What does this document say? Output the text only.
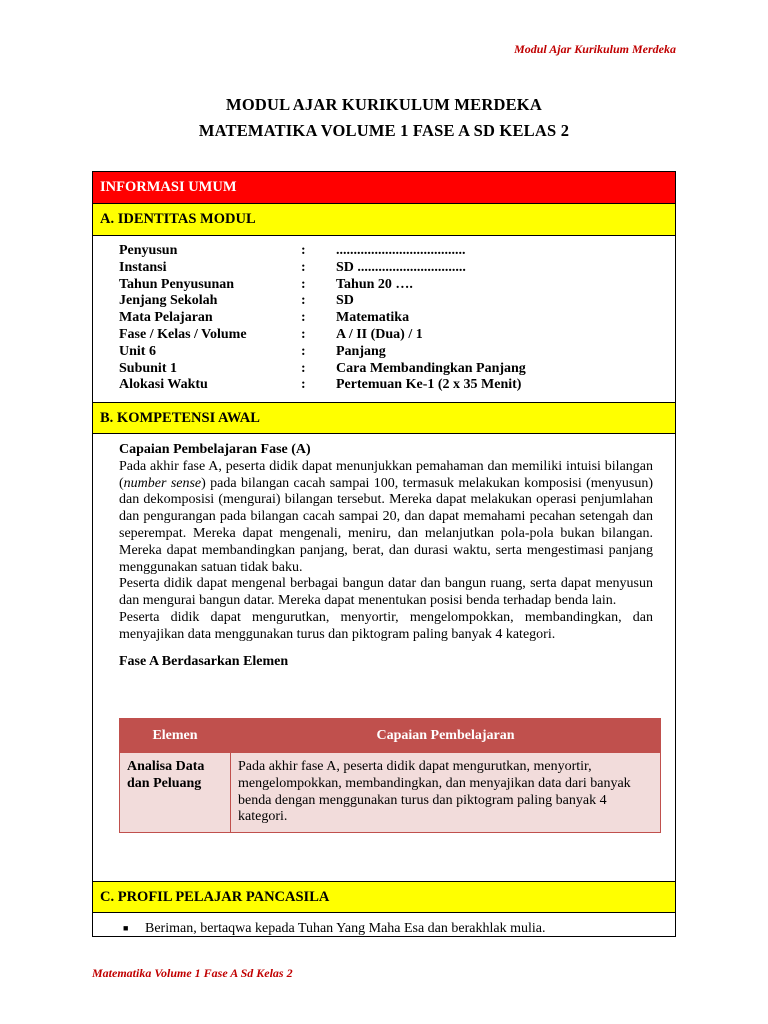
Modul Ajar Kurikulum Merdeka
MODUL AJAR KURIKULUM MERDEKA
MATEMATIKA VOLUME 1 FASE A SD KELAS 2
INFORMASI UMUM
A. IDENTITAS MODUL
Penyusun	:	.....................................
Instansi	:	SD ...............................
Tahun Penyusunan	:	Tahun 20 ….
Jenjang Sekolah	:	SD
Mata Pelajaran	:	Matematika
Fase / Kelas / Volume	:	A / II (Dua) / 1
Unit 6	:	Panjang
Subunit 1	:	Cara Membandingkan Panjang
Alokasi Waktu	:	Pertemuan Ke-1 (2 x 35 Menit)
B. KOMPETENSI AWAL
Capaian Pembelajaran Fase (A)

Pada akhir fase A, peserta didik dapat menunjukkan pemahaman dan memiliki intuisi bilangan (number sense) pada bilangan cacah sampai 100, termasuk melakukan komposisi (menyusun) dan dekomposisi (mengurai) bilangan tersebut. Mereka dapat melakukan operasi penjumlahan dan pengurangan pada bilangan cacah sampai 20, dan dapat memahami pecahan setengah dan seperempat. Mereka dapat mengenali, meniru, dan melanjutkan pola-pola bukan bilangan. Mereka dapat membandingkan panjang, berat, dan durasi waktu, serta mengestimasi panjang menggunakan satuan tidak baku.

Peserta didik dapat mengenal berbagai bangun datar dan bangun ruang, serta dapat menyusun dan mengurai bangun datar. Mereka dapat menentukan posisi benda terhadap benda lain.

Peserta didik dapat mengurutkan, menyortir, mengelompokkan, membandingkan, dan menyajikan data menggunakan turus dan piktogram paling banyak 4 kategori.

Fase A Berdasarkan Elemen
Elemen	Capaian Pembelajaran
Analisa Data dan Peluang	Pada akhir fase A, peserta didik dapat mengurutkan, menyortir, mengelompokkan, membandingkan, dan menyajikan data dari banyak benda dengan menggunakan turus dan piktogram paling banyak 4 kategori.
C. PROFIL PELAJAR PANCASILA
■	Beriman, bertaqwa kepada Tuhan Yang Maha Esa dan berakhlak mulia.
Matematika Volume 1 Fase A Sd Kelas 2
